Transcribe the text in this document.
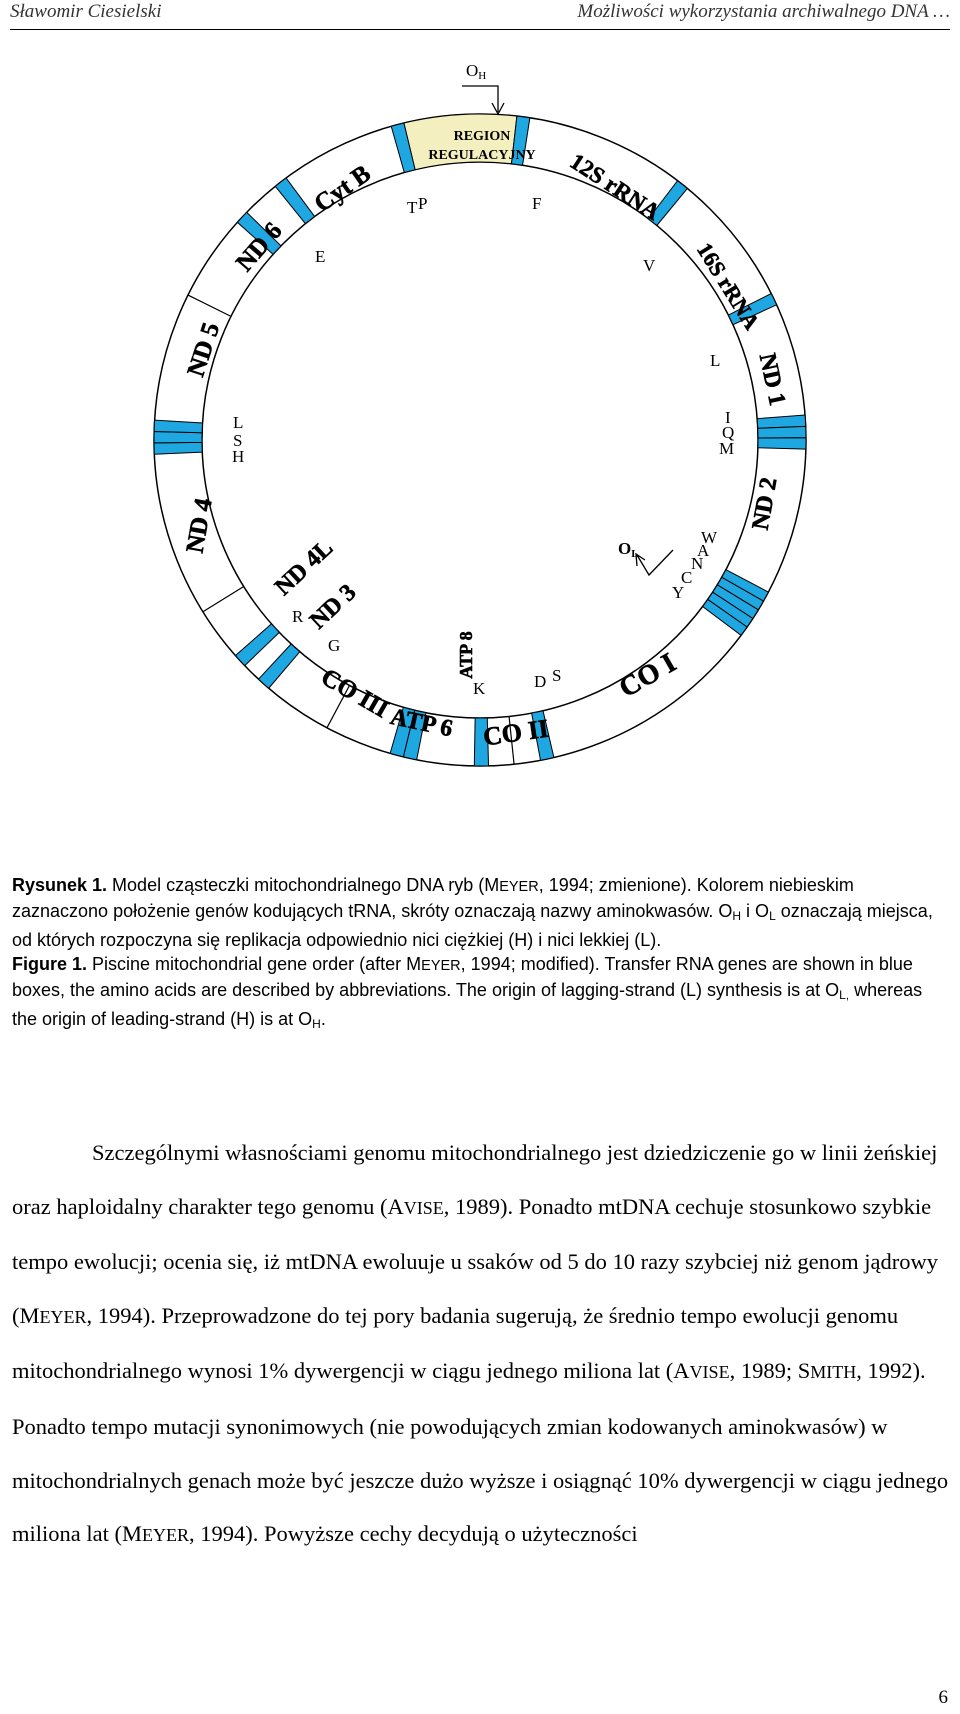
Sławomir Ciesielski	Możliwości wykorzystania archiwalnego DNA …
OH
REGION
REGULACYJNY
Cyt B
ND 6
ND 5
ND 4
ND 4L
ND 3
CO III
ATP 6
ATP 8
CO II
CO I
ND 2
ND 1
16S rRNA
12S rRNA
T P	F
V
E
L
L
S
H
I
Q
M
W
A
N
C
Y
R
G
K	D S
OL

Rysunek 1. Model cząsteczki mitochondrialnego DNA ryb (MEYER, 1994; zmienione). Kolorem niebieskim zaznaczono położenie genów kodujących tRNA, skróty oznaczają nazwy aminokwasów. $O_H$ i $O_L$ oznaczają miejsca, od których rozpoczyna się replikacja odpowiednio nici ciężkiej (H) i nici lekkiej (L).

Figure 1. Piscine mitochondrial gene order (after MEYER, 1994; modified). Transfer RNA genes are shown in blue boxes, the amino acids are described by abbreviations. The origin of lagging-strand (L) synthesis is at $O_{L,}$ whereas the origin of leading-strand (H) is at $O_H$.

Szczególnymi własnościami genomu mitochondrialnego jest dziedziczenie go w linii żeńskiej oraz haploidalny charakter tego genomu (AVISE, 1989). Ponadto mtDNA cechuje stosunkowo szybkie tempo ewolucji; ocenia się, iż mtDNA ewoluuje u ssaków od 5 do 10 razy szybciej niż genom jądrowy (MEYER, 1994). Przeprowadzone do tej pory badania sugerują, że średnio tempo ewolucji genomu mitochondrialnego wynosi 1% dywergencji w ciągu jednego miliona lat (AVISE, 1989; SMITH, 1992). Ponadto tempo mutacji synonimowych (nie powodujących zmian kodowanych aminokwasów) w mitochondrialnych genach może być jeszcze dużo wyższe i osiągnąć 10% dywergencji w ciągu jednego miliona lat (MEYER, 1994). Powyższe cechy decydują o użyteczności

6
